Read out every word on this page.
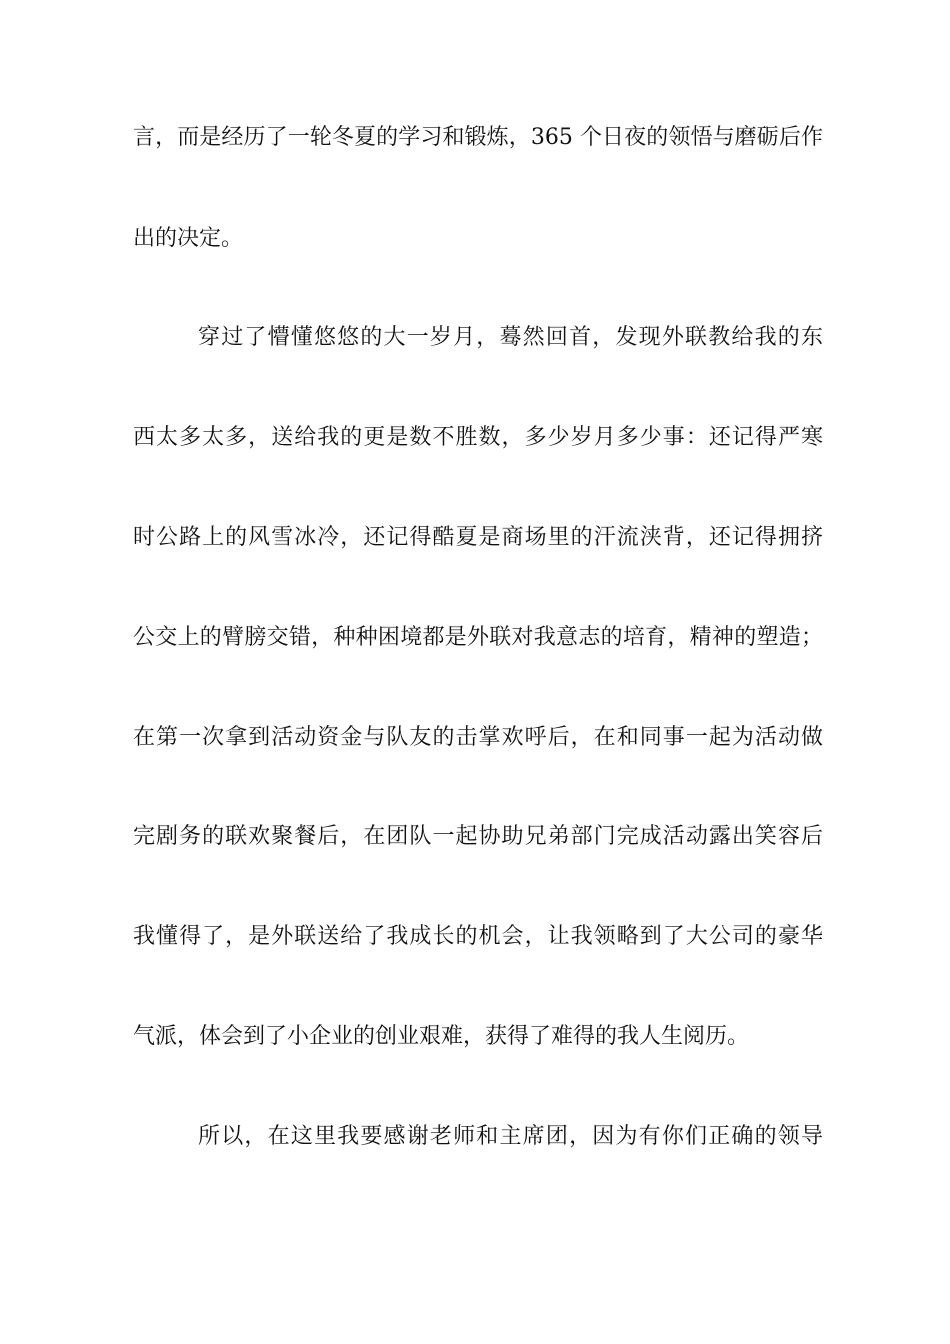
言，而是经历了一轮冬夏的学习和锻炼，365 个日夜的领悟与磨砺后作
出的决定。
穿过了懵懂悠悠的大一岁月，蓦然回首，发现外联教给我的东
西太多太多，送给我的更是数不胜数，多少岁月多少事：还记得严寒
时公路上的风雪冰冷，还记得酷夏是商场里的汗流浃背，还记得拥挤
公交上的臂膀交错，种种困境都是外联对我意志的培育，精神的塑造；
在第一次拿到活动资金与队友的击掌欢呼后，在和同事一起为活动做
完剧务的联欢聚餐后，在团队一起协助兄弟部门完成活动露出笑容后
我懂得了，是外联送给了我成长的机会，让我领略到了大公司的豪华
气派，体会到了小企业的创业艰难，获得了难得的我人生阅历。
所以，在这里我要感谢老师和主席团，因为有你们正确的领导
